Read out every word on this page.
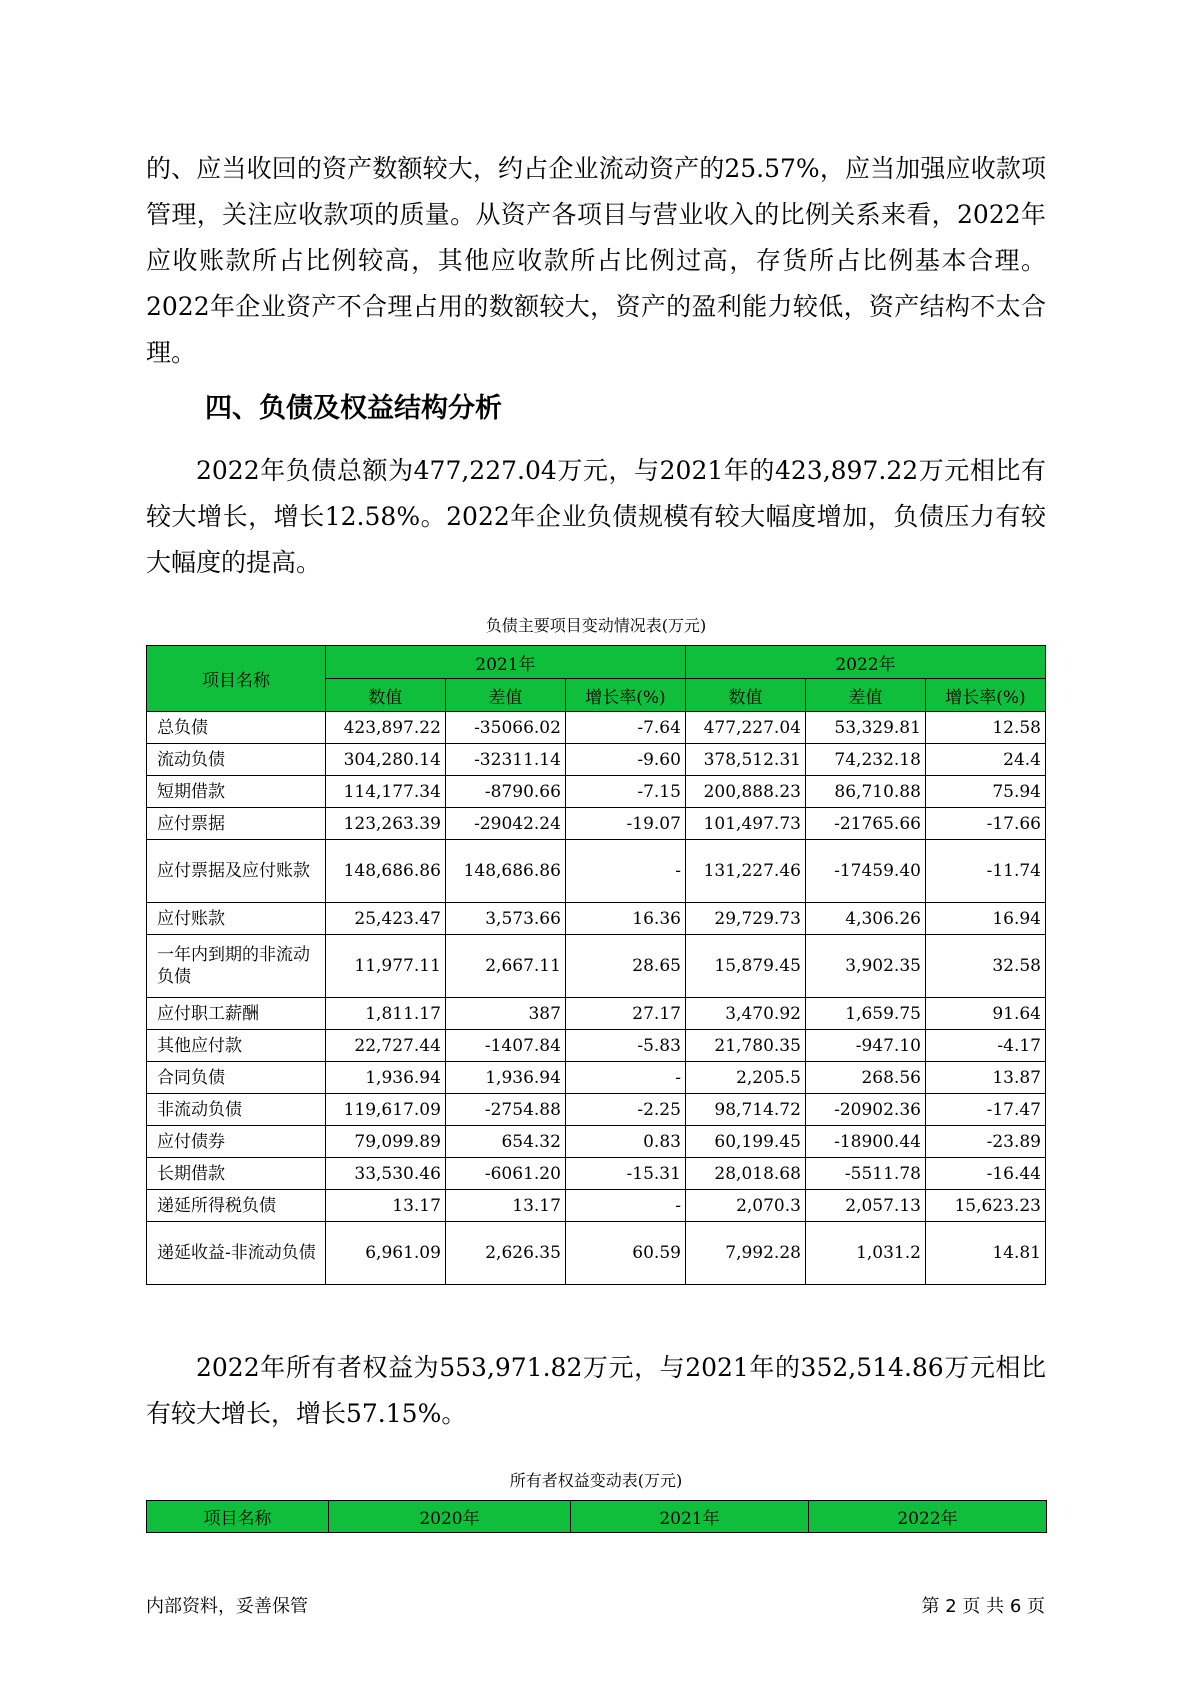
的、应当收回的资产数额较大，约占企业流动资产的25.57%，应当加强应收款项管理，关注应收款项的质量。从资产各项目与营业收入的比例关系来看，2022年应收账款所占比例较高，其他应收款所占比例过高，存货所占比例基本合理。2022年企业资产不合理占用的数额较大，资产的盈利能力较低，资产结构不太合理。

四、负债及权益结构分析

2022年负债总额为477,227.04万元，与2021年的423,897.22万元相比有较大增长，增长12.58%。2022年企业负债规模有较大幅度增加，负债压力有较大幅度的提高。

负债主要项目变动情况表(万元)
项目名称	2021年			2022年		
	数值	差值	增长率(%)	数值	差值	增长率(%)
总负债	423,897.22	-35066.02	-7.64	477,227.04	53,329.81	12.58
流动负债	304,280.14	-32311.14	-9.60	378,512.31	74,232.18	24.4
短期借款	114,177.34	-8790.66	-7.15	200,888.23	86,710.88	75.94
应付票据	123,263.39	-29042.24	-19.07	101,497.73	-21765.66	-17.66
应付票据及应付账款	148,686.86	148,686.86	-	131,227.46	-17459.40	-11.74
应付账款	25,423.47	3,573.66	16.36	29,729.73	4,306.26	16.94
一年内到期的非流动负债	11,977.11	2,667.11	28.65	15,879.45	3,902.35	32.58
应付职工薪酬	1,811.17	387	27.17	3,470.92	1,659.75	91.64
其他应付款	22,727.44	-1407.84	-5.83	21,780.35	-947.10	-4.17
合同负债	1,936.94	1,936.94	-	2,205.5	268.56	13.87
非流动负债	119,617.09	-2754.88	-2.25	98,714.72	-20902.36	-17.47
应付债券	79,099.89	654.32	0.83	60,199.45	-18900.44	-23.89
长期借款	33,530.46	-6061.20	-15.31	28,018.68	-5511.78	-16.44
递延所得税负债	13.17	13.17	-	2,070.3	2,057.13	15,623.23
递延收益-非流动负债	6,961.09	2,626.35	60.59	7,992.28	1,031.2	14.81

2022年所有者权益为553,971.82万元，与2021年的352,514.86万元相比有较大增长，增长57.15%。

所有者权益变动表(万元)
项目名称	2020年	2021年	2022年
内部资料，妥善保管	第 2 页 共 6 页
